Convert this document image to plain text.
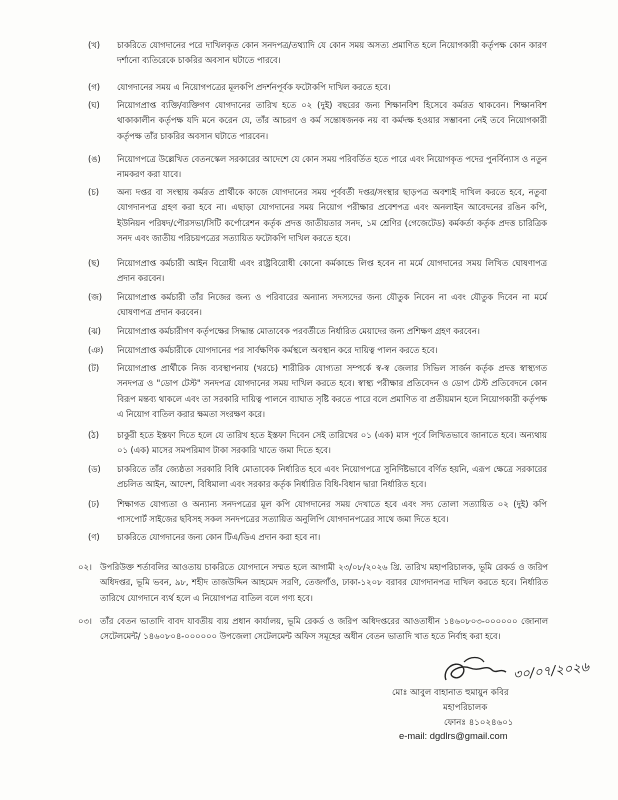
(খ)	চাকরিতে যোগদানের পরে দাখিলকৃত কোন সনদপত্র/তথ্যাদি যে কোন সময় অসত্য প্রমাণিত হলে নিয়োগকারী কর্তৃপক্ষ কোন কারণ দর্শানো ব্যতিরেকে চাকরির অবসান ঘটাতে পারবে।
(গ)	যোগদানের সময় এ নিয়োগপত্রের মূলকপি প্রদর্শনপূর্বক ফটোকপি দাখিল করতে হবে।
(ঘ)	নিয়োগপ্রাপ্ত ব্যক্তি/ব্যক্তিগণ যোগদানের তারিখ হতে ০২ (দুই) বছরের জন্য শিক্ষানবিশ হিসেবে কর্মরত থাকবেন। শিক্ষানবিশ থাকাকালীন কর্তৃপক্ষ যদি মনে করেন যে, তাঁর আচরণ ও কর্ম সন্তোষজনক নয় বা কর্মদক্ষ হওয়ার সম্ভাবনা নেই তবে নিয়োগকারী কর্তৃপক্ষ তাঁর চাকরির অবসান ঘটাতে পারবেন।
(ঙ)	নিয়োগপত্রে উল্লেখিত বেতনস্কেল সরকারের আদেশে যে কোন সময় পরিবর্তিত হতে পারে এবং নিয়োগকৃত পদের পুনর্বিন্যাস ও নতুন নামকরণ করা যাবে।
(চ)	অন্য দপ্তর বা সংস্থায় কর্মরত প্রার্থীকে কাজে যোগদানের সময় পূর্ববর্তী দপ্তর/সংস্থার ছাড়পত্র অবশ্যই দাখিল করতে হবে, নতুবা যোগদানপত্র গ্রহণ করা হবে না। এছাড়া যোগদানের সময় নিয়োগ পরীক্ষার প্রবেশপত্র এবং অনলাইন আবেদনের রঙিন কপি, ইউনিয়ন পরিষদ/পৌরসভা/সিটি কর্পোরেশন কর্তৃক প্রদত্ত জাতীয়তার সনদ, ১ম শ্রেণির (গেজেটেড) কর্মকর্তা কর্তৃক প্রদত্ত চারিত্রিক সনদ এবং জাতীয় পরিচয়পত্রের সত্যায়িত ফটোকপি দাখিল করতে হবে।
(ছ)	নিয়োগপ্রাপ্ত কর্মচারী আইন বিরোধী এবং রাষ্ট্রবিরোধী কোনো কর্মকান্ডে লিপ্ত হবেন না মর্মে যোগদানের সময় লিখিত ঘোষণাপত্র প্রদান করবেন।
(জ)	নিয়োগপ্রাপ্ত কর্মচারী তাঁর নিজের জন্য ও পরিবারের অন্যান্য সদস্যদের জন্য যৌতুক নিবেন না এবং যৌতুক দিবেন না মর্মে ঘোষণাপত্র প্রদান করবেন।
(ঝ)	নিয়োগপ্রাপ্ত কর্মচারীগণ কর্তৃপক্ষের সিদ্ধান্ত মোতাবেক পরবর্তীতে নির্ধারিত মেয়াদের জন্য প্রশিক্ষণ গ্রহণ করবেন।
(ঞ)	নিয়োগপ্রাপ্ত কর্মচারীকে যোগদানের পর সার্বক্ষণিক কর্মস্থলে অবস্থান করে দায়িত্ব পালন করতে হবে।
(ট)	নিয়োগপ্রাপ্ত প্রার্থীকে নিজ ব্যবস্থাপনায় (খরচে) শারীরিক যোগ্যতা সম্পর্কে স্ব-স্ব জেলার সিভিল সার্জন কর্তৃক প্রদত্ত স্বাস্থ্যগত সনদপত্র ও "ডোপ টেস্ট" সনদপত্র যোগদানের সময় দাখিল করতে হবে। স্বাস্থ্য পরীক্ষার প্রতিবেদন ও ডোপ টেস্ট প্রতিবেদনে কোন বিরূপ মন্তব্য থাকলে এবং তা সরকারি দায়িত্ব পালনে ব্যাঘাত সৃষ্টি করতে পারে বলে প্রমাণিত বা প্রতীয়মান হলে নিয়োগকারী কর্তৃপক্ষ এ নিয়োগ বাতিল করার ক্ষমতা সংরক্ষণ করে।
(ঠ)	চাকুরী হতে ইস্তফা দিতে হলে যে তারিখ হতে ইস্তফা দিবেন সেই তারিখের ০১ (এক) মাস পূর্বে লিখিতভাবে জানাতে হবে। অন্যথায় ০১ (এক) মাসের সমপরিমাণ টাকা সরকারি খাতে জমা দিতে হবে।
(ড)	চাকরিতে তাঁর জ্যেষ্ঠতা সরকারি বিধি মোতাবেক নির্ধারিত হবে এবং নিয়োগপত্রে সুনির্দিষ্টভাবে বর্ণিত হয়নি, এরূপ ক্ষেত্রে সরকারের প্রচলিত আইন, আদেশ, বিধিমালা এবং সরকার কর্তৃক নির্ধারিত বিধি-বিধান দ্বারা নির্ধারিত হবে।
(ঢ)	শিক্ষাগত যোগ্যতা ও অন্যান্য সনদপত্রের মূল কপি যোগদানের সময় দেখাতে হবে এবং সদ্য তোলা সত্যায়িত ০২ (দুই) কপি পাসপোর্ট সাইজের ছবিসহ সকল সনদপত্রের সত্যায়িত অনুলিপি যোগদানপত্রের সাথে জমা দিতে হবে।
(ণ)	চাকরিতে যোগদানের জন্য কোন টিএ/ডিএ প্রদান করা হবে না।
০২। উপরিউক্ত শর্তাবলির আওতায় চাকরিতে যোগদানে সম্মত হলে আগামী ২৩/০৮/২০২৬ খ্রি. তারিখ মহাপরিচালক, ভূমি রেকর্ড ও জরিপ অধিদপ্তর, ভূমি ভবন, ৯৮, শহীদ তাজউদ্দিন আহমেদ সরণি, তেজগাঁও, ঢাকা-১২০৮ বরাবর যোগদানপত্র দাখিল করতে হবে। নির্ধারিত তারিখে যোগদানে ব্যর্থ হলে এ নিয়োগপত্র বাতিল বলে গণ্য হবে।
০৩। তাঁর বেতন ভাতাদি বাবদ যাবতীয় ব্যয় প্রধান কার্যালয়, ভূমি রেকর্ড ও জরিপ অধিদপ্তরের আওতাধীন ১৪৬০৮০৩-০০০০০০ জোনাল সেটেলমেন্ট/ ১৪৬০৮০৪-০০০০০০ উপজেলা সেটেলমেন্ট অফিস সমূহের অধীন বেতন ভাতাদি খাত হতে নির্বাহ করা হবে।
৩০/০৭/২০২৬
মোঃ আবুল বাহানাত হুমায়ুন কবির
মহাপরিচালক
ফোনঃ ৪১০২৪৬০১
e-mail: dgdlrs@gmail.com
